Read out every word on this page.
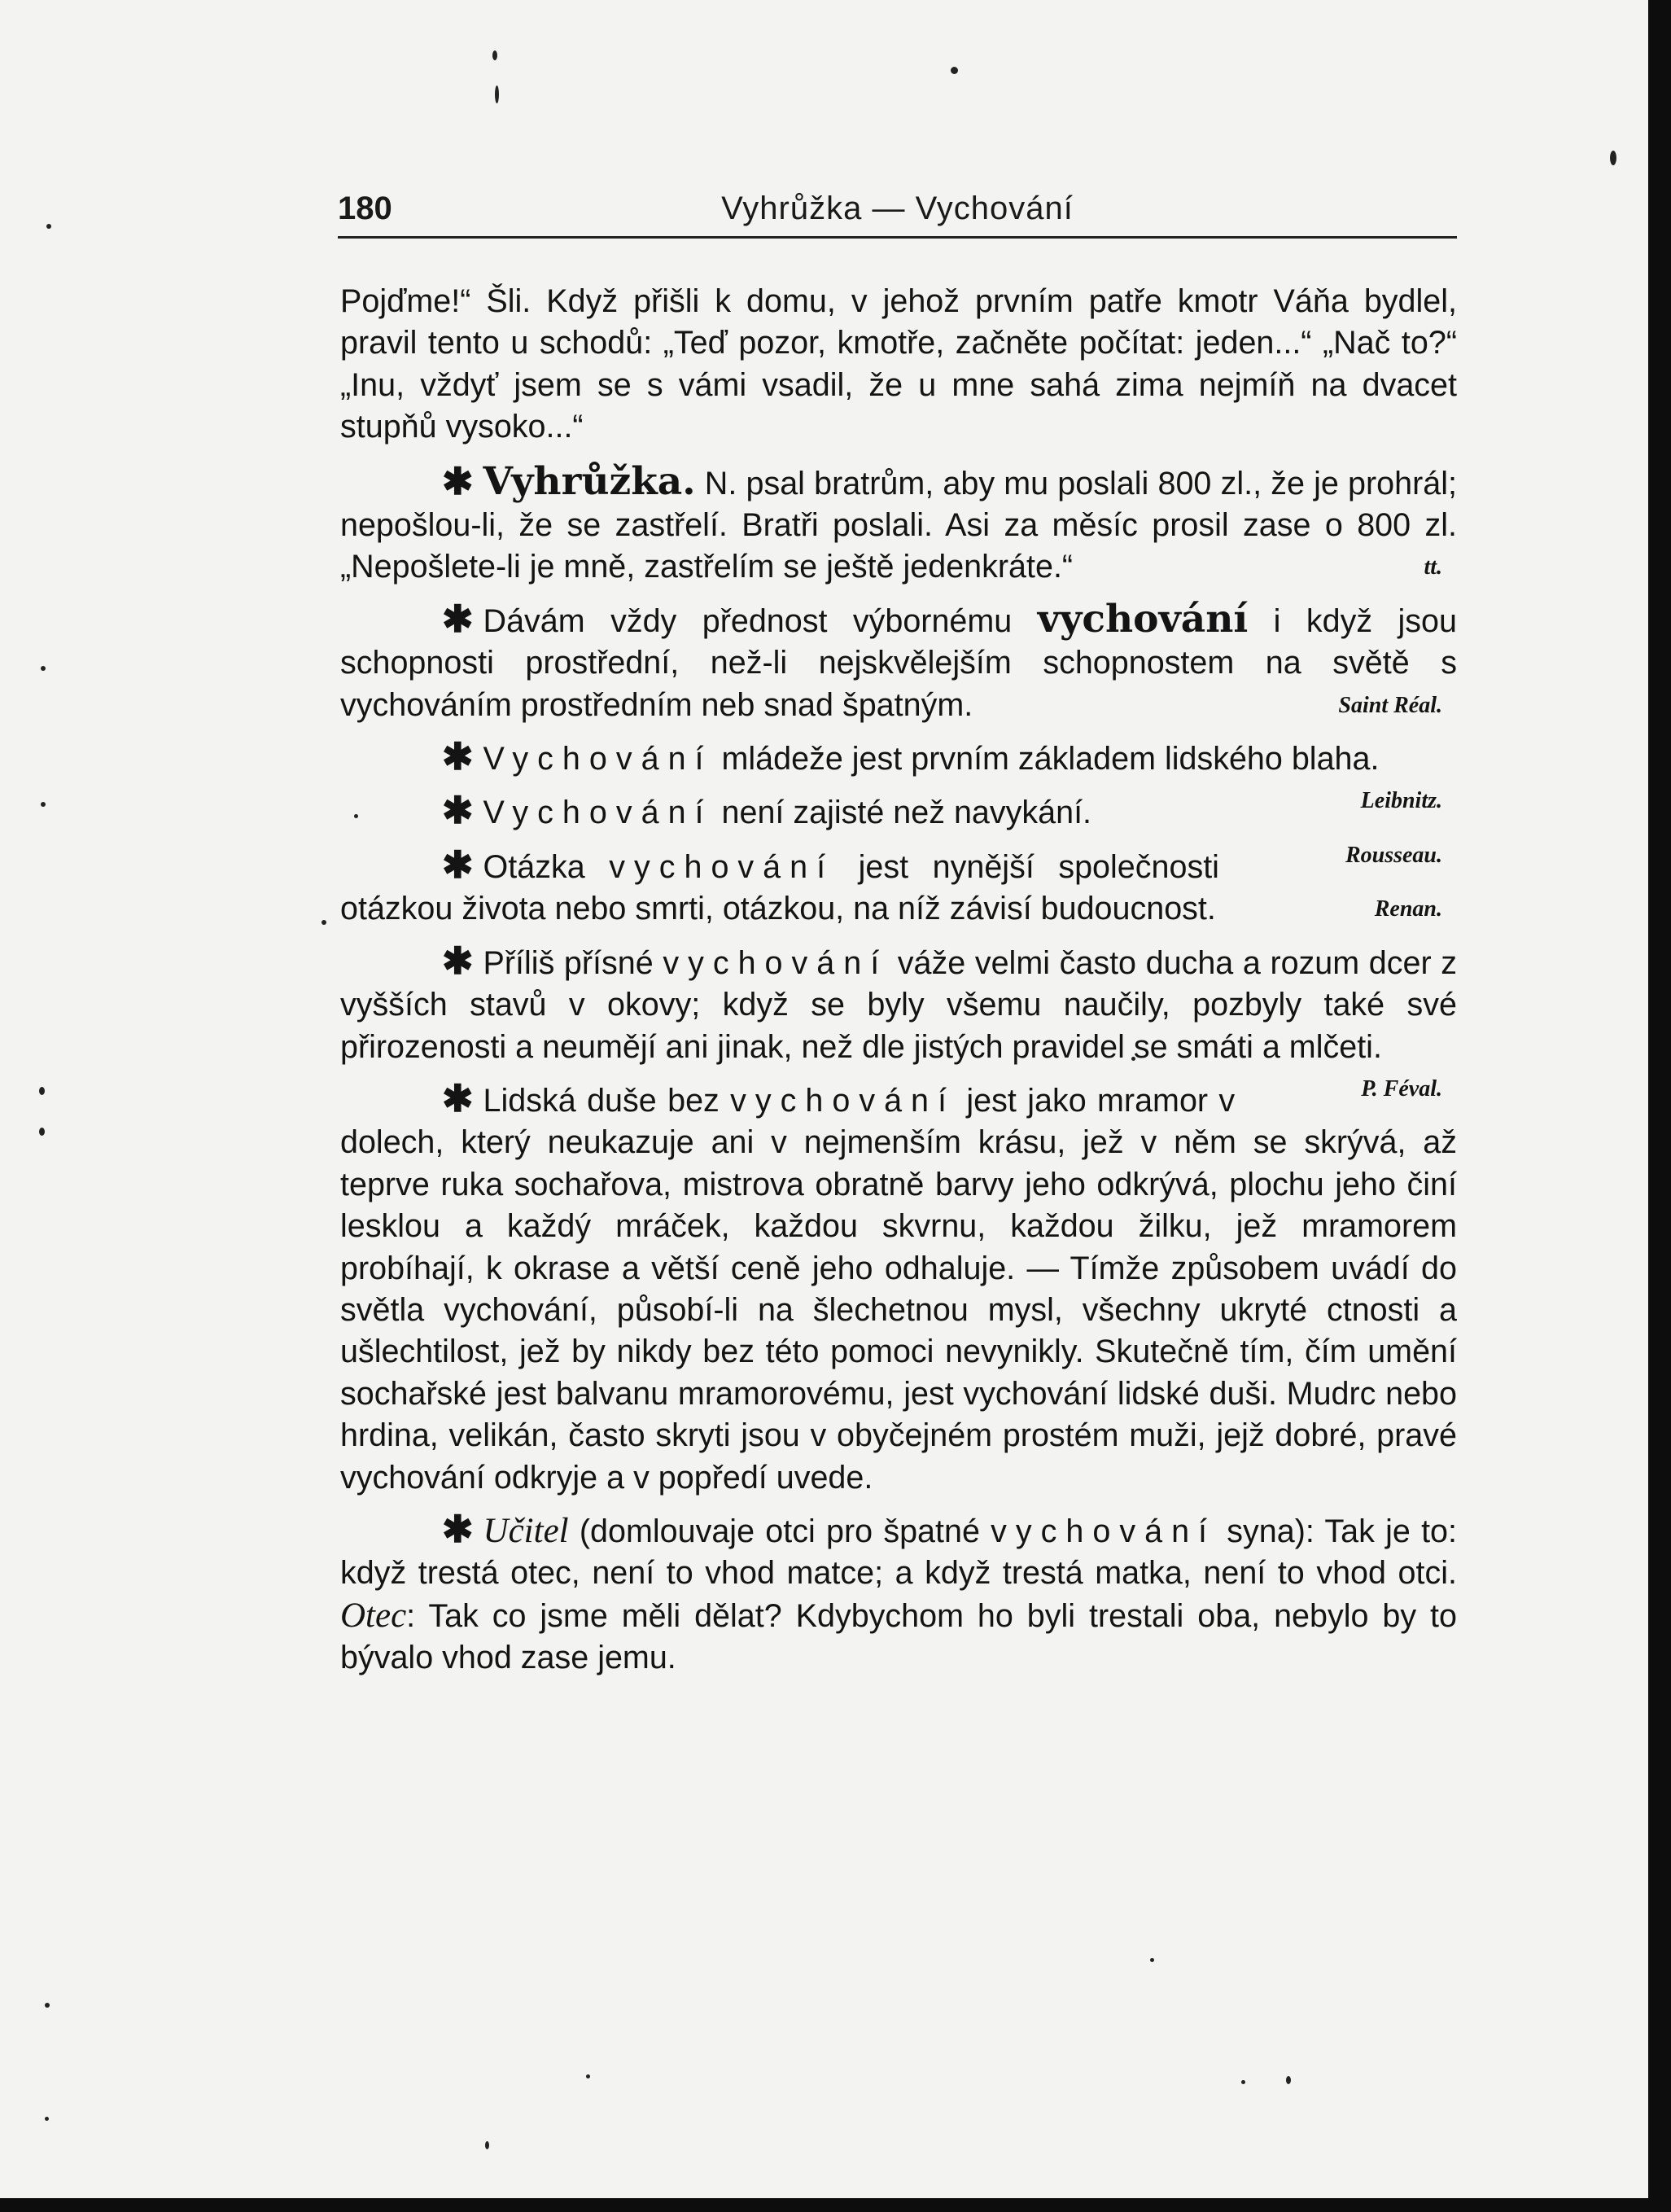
180	Vyhrůžka — Vychování

Pojďme!“ Šli. Když přišli k domu, v jehož prvním patře kmotr Váňa bydlel, pravil tento u schodů: „Teď pozor, kmotře, začněte počítat: jeden...“ „Nač to?“ „Inu, vždyť jsem se s vámi vsadil, že u mne sahá zima nejmíň na dvacet stupňů vysoko...“

✱ Vyhrůžka. N. psal bratrům, aby mu poslali 800 zl., že je prohrál; nepošlou-li, že se zastřelí. Bratři poslali. Asi za měsíc prosil zase o 800 zl. „Nepošlete-li je mně, zastřelím se ještě jedenkráte.“	tt.

✱ Dávám vždy přednost výbornému vychování i když jsou schopnosti prostřední, než-li nejskvělejším schopnostem na světě s vychováním prostředním neb snad špatným.	Saint Réal.

✱ Vychování mládeže jest prvním základem lidského blaha.
Leibnitz.

✱ Vychování není zajisté než navykání.
Rousseau.

✱ Otázka vychování jest nynější společnosti otázkou života nebo smrti, otázkou, na níž závisí budoucnost.	Renan.

✱ Příliš přísné vychování váže velmi často ducha a rozum dcer z vyšších stavů v okovy; když se byly všemu naučily, pozbyly také své přirozenosti a neumějí ani jinak, než dle jistých pravidel se smáti a mlčeti.
P. Féval.

✱ Lidská duše bez vychování jest jako mramor v dolech, který neukazuje ani v nejmenším krásu, jež v něm se skrývá, až teprve ruka sochařova, mistrova obratně barvy jeho odkrývá, plochu jeho činí lesklou a každý mráček, každou skvrnu, každou žilku, jež mramorem probíhají, k okrase a větší ceně jeho odhaluje. — Tímže způsobem uvádí do světla vychování, působí-li na šlechetnou mysl, všechny ukryté ctnosti a ušlechtilost, jež by nikdy bez této pomoci nevynikly. Skutečně tím, čím umění sochařské jest balvanu mramorovému, jest vychování lidské duši. Mudrc nebo hrdina, velikán, často skryti jsou v obyčejném prostém muži, jejž dobré, pravé vychování odkryje a v popředí uvede.

✱ Učitel (domlouvaje otci pro špatné vychování syna): Tak je to: když trestá otec, není to vhod matce; a když trestá matka, není to vhod otci. Otec: Tak co jsme měli dělat? Kdybychom ho byli trestali oba, nebylo by to bývalo vhod zase jemu.
